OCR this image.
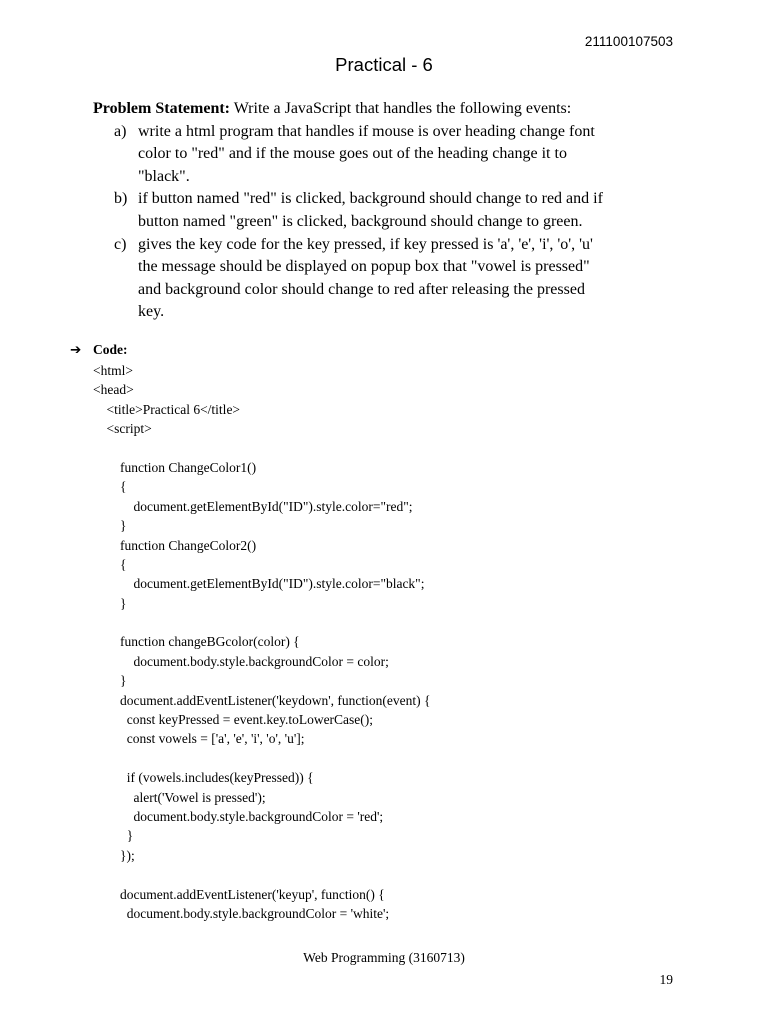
211100107503
Practical - 6
Problem Statement: Write a JavaScript that handles the following events:
a) write a html program that handles if mouse is over heading change font
color to "red" and if the mouse goes out of the heading change it to
"black".
b) if button named "red" is clicked, background should change to red and if
button named "green" is clicked, background should change to green.
c) gives the key code for the key pressed, if key pressed is 'a', 'e', 'i', 'o', 'u'
the message should be displayed on popup box that "vowel is pressed"
and background color should change to red after releasing the pressed
key.
➔ Code:
<html>
<head>
<title>Practical 6</title>
<script>
function ChangeColor1()
{
document.getElementById("ID").style.color="red";
}
function ChangeColor2()
{
document.getElementById("ID").style.color="black";
}
function changeBGcolor(color) {
document.body.style.backgroundColor = color;
}
document.addEventListener('keydown', function(event) {
const keyPressed = event.key.toLowerCase();
const vowels = ['a', 'e', 'i', 'o', 'u'];
if (vowels.includes(keyPressed)) {
alert('Vowel is pressed');
document.body.style.backgroundColor = 'red';
}
});
document.addEventListener('keyup', function() {
document.body.style.backgroundColor = 'white';
Web Programming (3160713)
19
